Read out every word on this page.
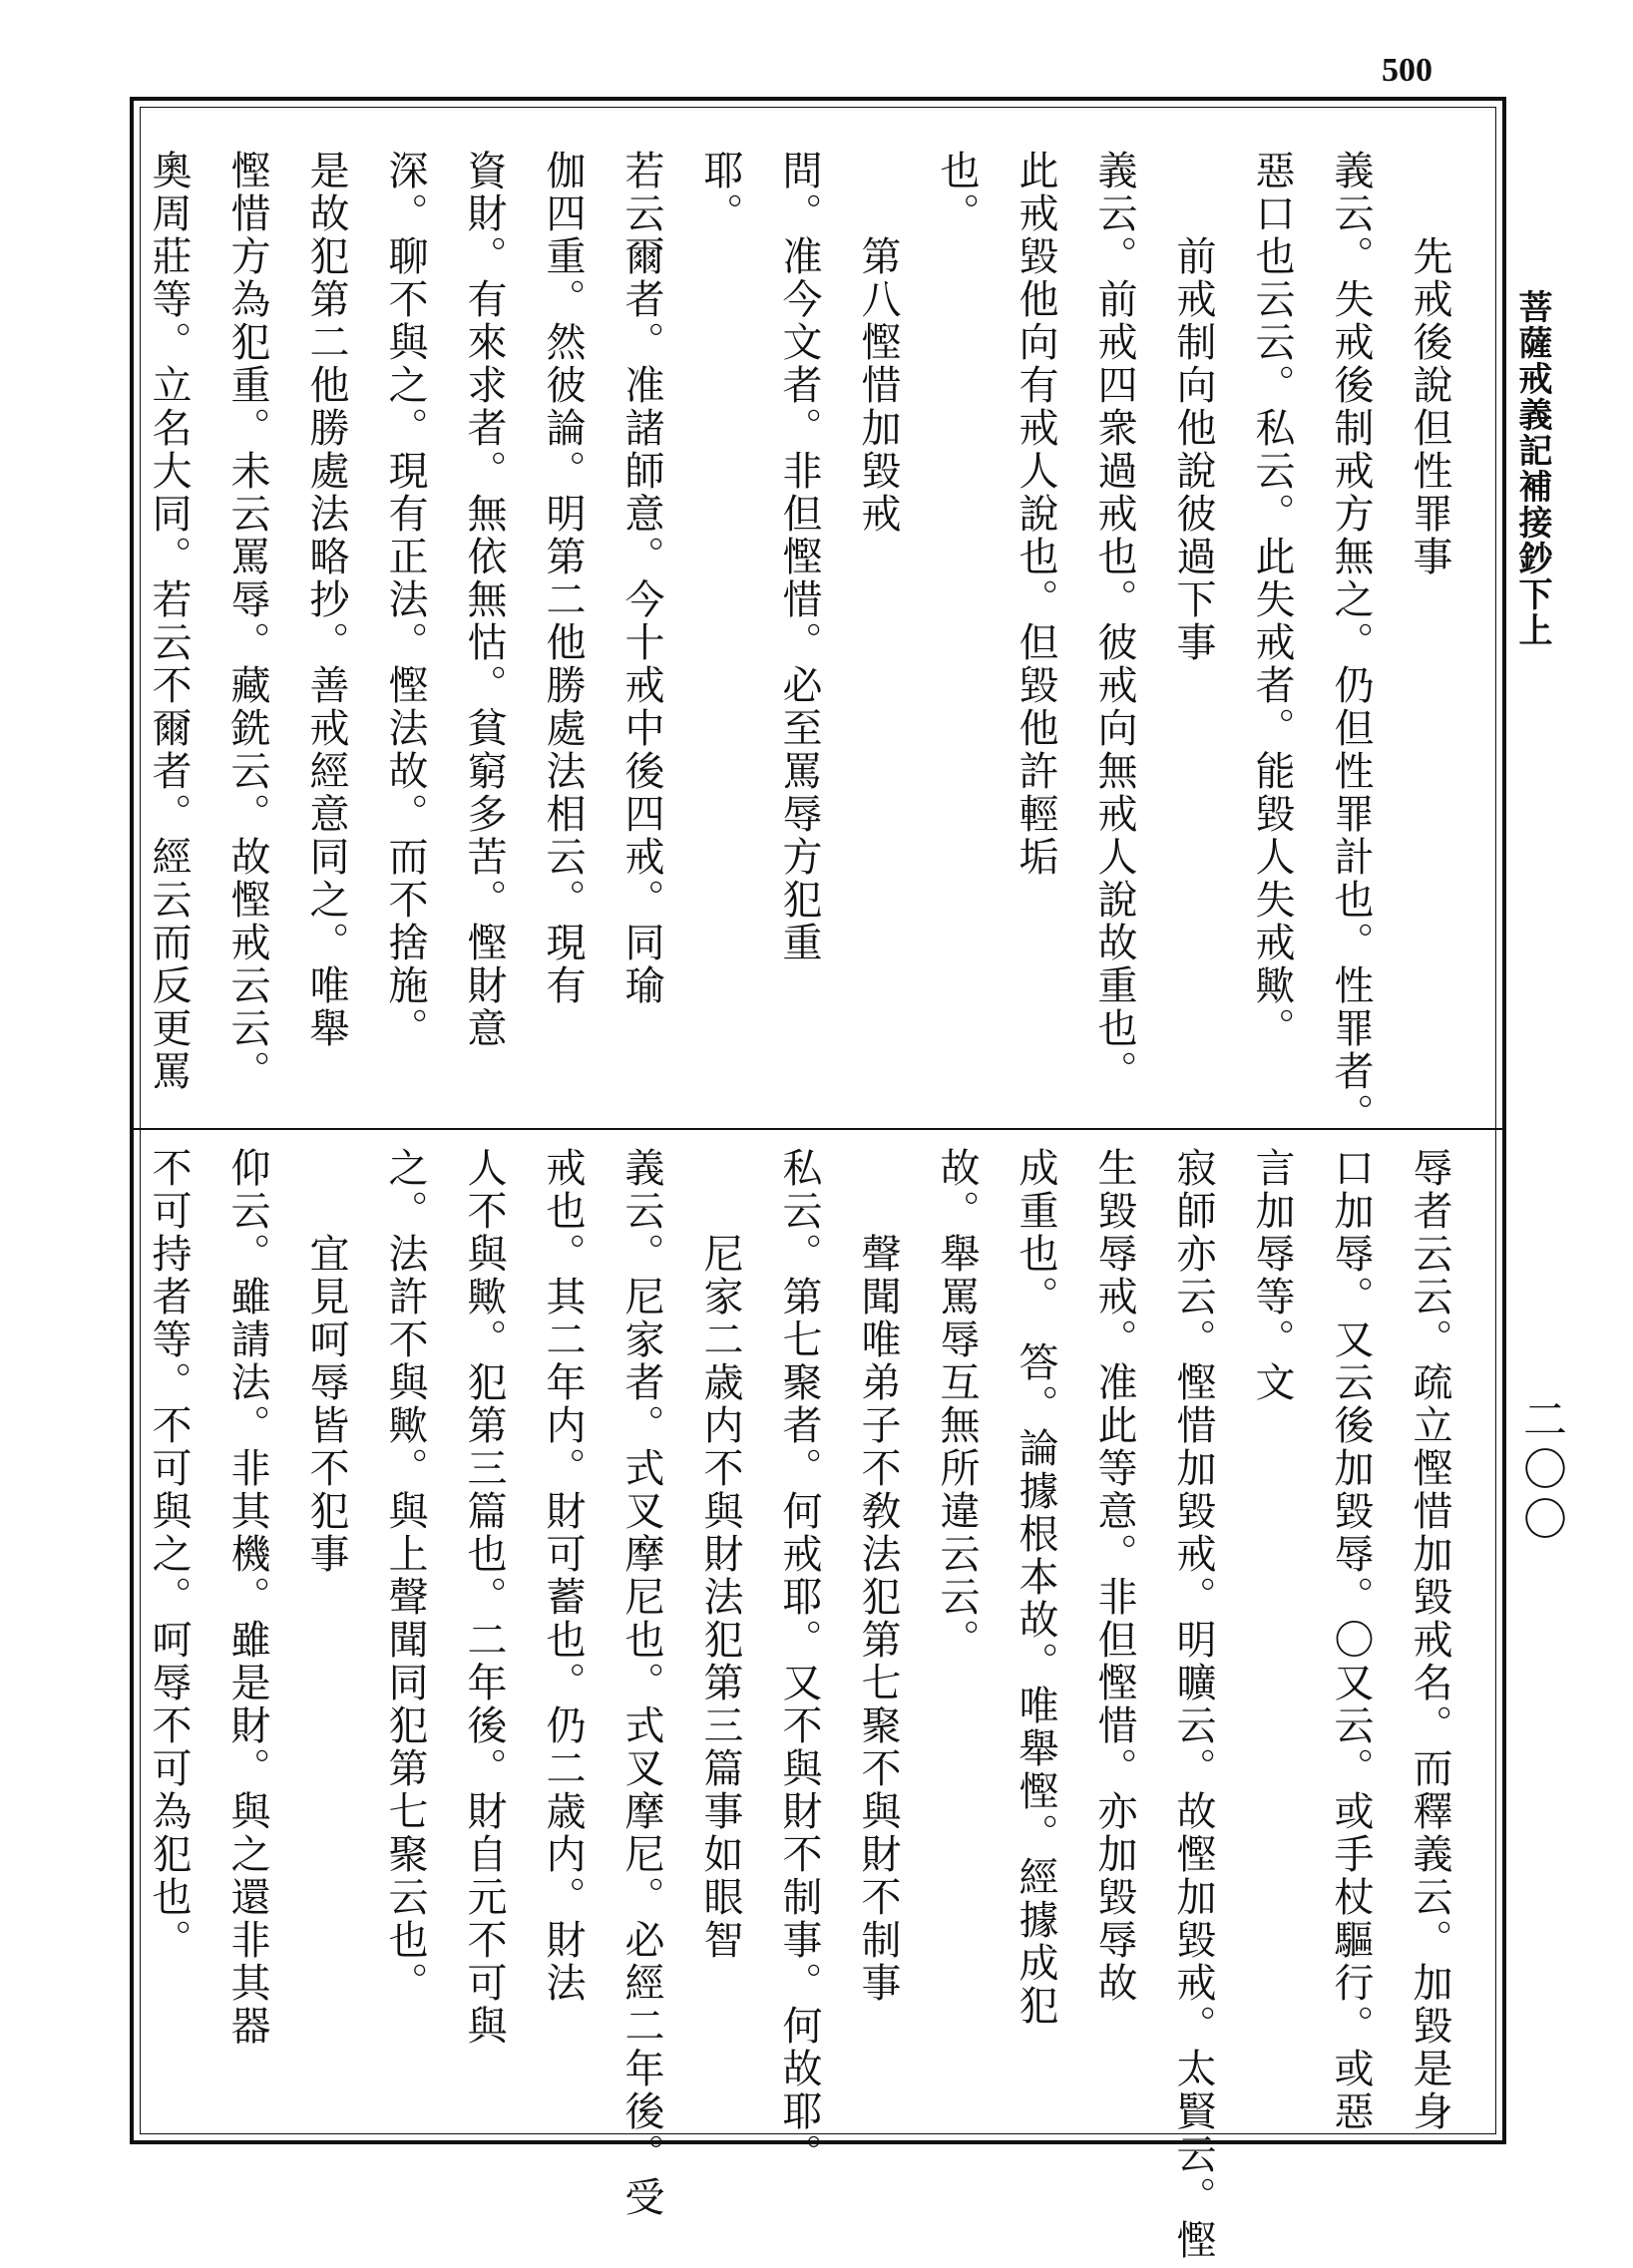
500
菩薩戒義記補接鈔下上
二〇〇
　　先戒後說但性罪事
義云。失戒後制戒方無之。仍但性罪計也。性罪者。
惡口也云云。私云。此失戒者。能毀人失戒歟。
　　前戒制向他說彼過下事
義云。前戒四衆過戒也。彼戒向無戒人說故重也。
此戒毀他向有戒人說也。但毀他許輕垢
也。
　　第八慳惜加毀戒
問。准今文者。非但慳惜。必至罵辱方犯重
耶。
若云爾者。准諸師意。今十戒中後四戒。同瑜
伽四重。然彼論。明第二他勝處法相云。現有
資財。有來求者。無依無怙。貧窮多苦。慳財意
深。聊不與之。現有正法。慳法故。而不捨施。
是故犯第二他勝處法略抄。善戒經意同之。唯舉
慳惜方為犯重。未云罵辱。藏銑云。故慳戒云云。
奧周莊等。立名大同。若云不爾者。經云而反更罵
辱者云云。疏立慳惜加毀戒名。而釋義云。加毀是身
口加辱。又云後加毀辱。〇又云。或手杖驅行。或惡
言加辱等。文
寂師亦云。慳惜加毀戒。明曠云。故慳加毀戒。太賢云。慳
生毀辱戒。准此等意。非但慳惜。亦加毀辱故
成重也。　答。論據根本故。唯舉慳。經據成犯
故。舉罵辱互無所違云云。
　　聲聞唯弟子不敎法犯第七聚不與財不制事
私云。第七聚者。何戒耶。又不與財不制事。何故耶。
　　尼家二歳内不與財法犯第三篇事如眼智
義云。尼家者。式叉摩尼也。式叉摩尼。必經二年後。受
戒也。其二年内。財可蓄也。仍二歳内。財法
人不與歟。犯第三篇也。二年後。財自元不可與
之。法許不與歟。與上聲聞同犯第七聚云也。
　　宜見呵辱皆不犯事
仰云。雖請法。非其機。雖是財。與之還非其器
不可持者等。不可與之。呵辱不可為犯也。
